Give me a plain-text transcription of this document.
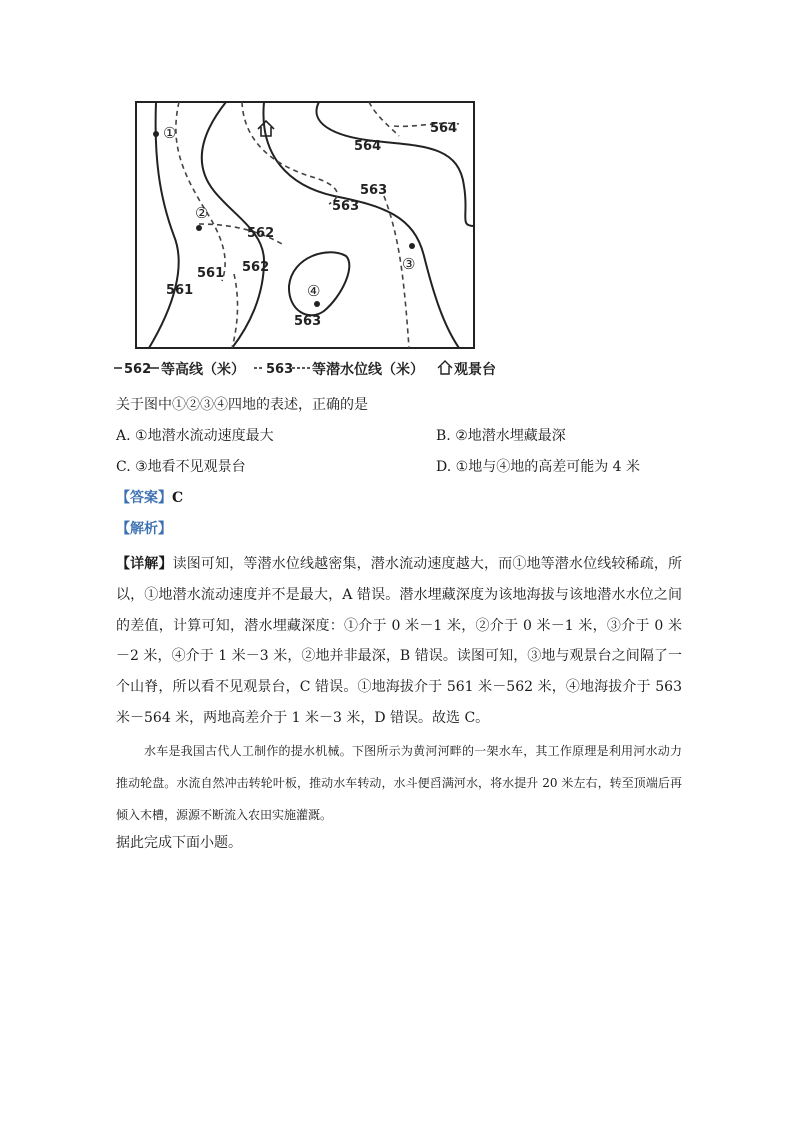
564
564
563
563
562
562
561
561
563
①
②
③
④
562 等高线（米） 563 等潜水位线（米） 观景台
关于图中①②③④四地的表述，正确的是
A. ①地潜水流动速度最大	B. ②地潜水埋藏最深
C. ③地看不见观景台	D. ①地与④地的高差可能为 4 米
【答案】C
【解析】
【详解】读图可知，等潜水位线越密集，潜水流动速度越大，而①地等潜水位线较稀疏，所以，①地潜水流动速度并不是最大，A 错误。潜水埋藏深度为该地海拔与该地潜水水位之间的差值，计算可知，潜水埋藏深度：①介于 0 米－1 米，②介于 0 米－1 米，③介于 0 米－2 米，④介于 1 米－3 米，②地并非最深，B 错误。读图可知，③地与观景台之间隔了一个山脊，所以看不见观景台，C 错误。①地海拔介于 561 米－562 米，④地海拔介于 563 米－564 米，两地高差介于 1 米－3 米，D 错误。故选 C。
水车是我国古代人工制作的提水机械。下图所示为黄河河畔的一架水车，其工作原理是利用河水动力推动轮盘。水流自然冲击转轮叶板，推动水车转动，水斗便舀满河水，将水提升 20 米左右，转至顶端后再倾入木槽，源源不断流入农田实施灌溉。
据此完成下面小题。
